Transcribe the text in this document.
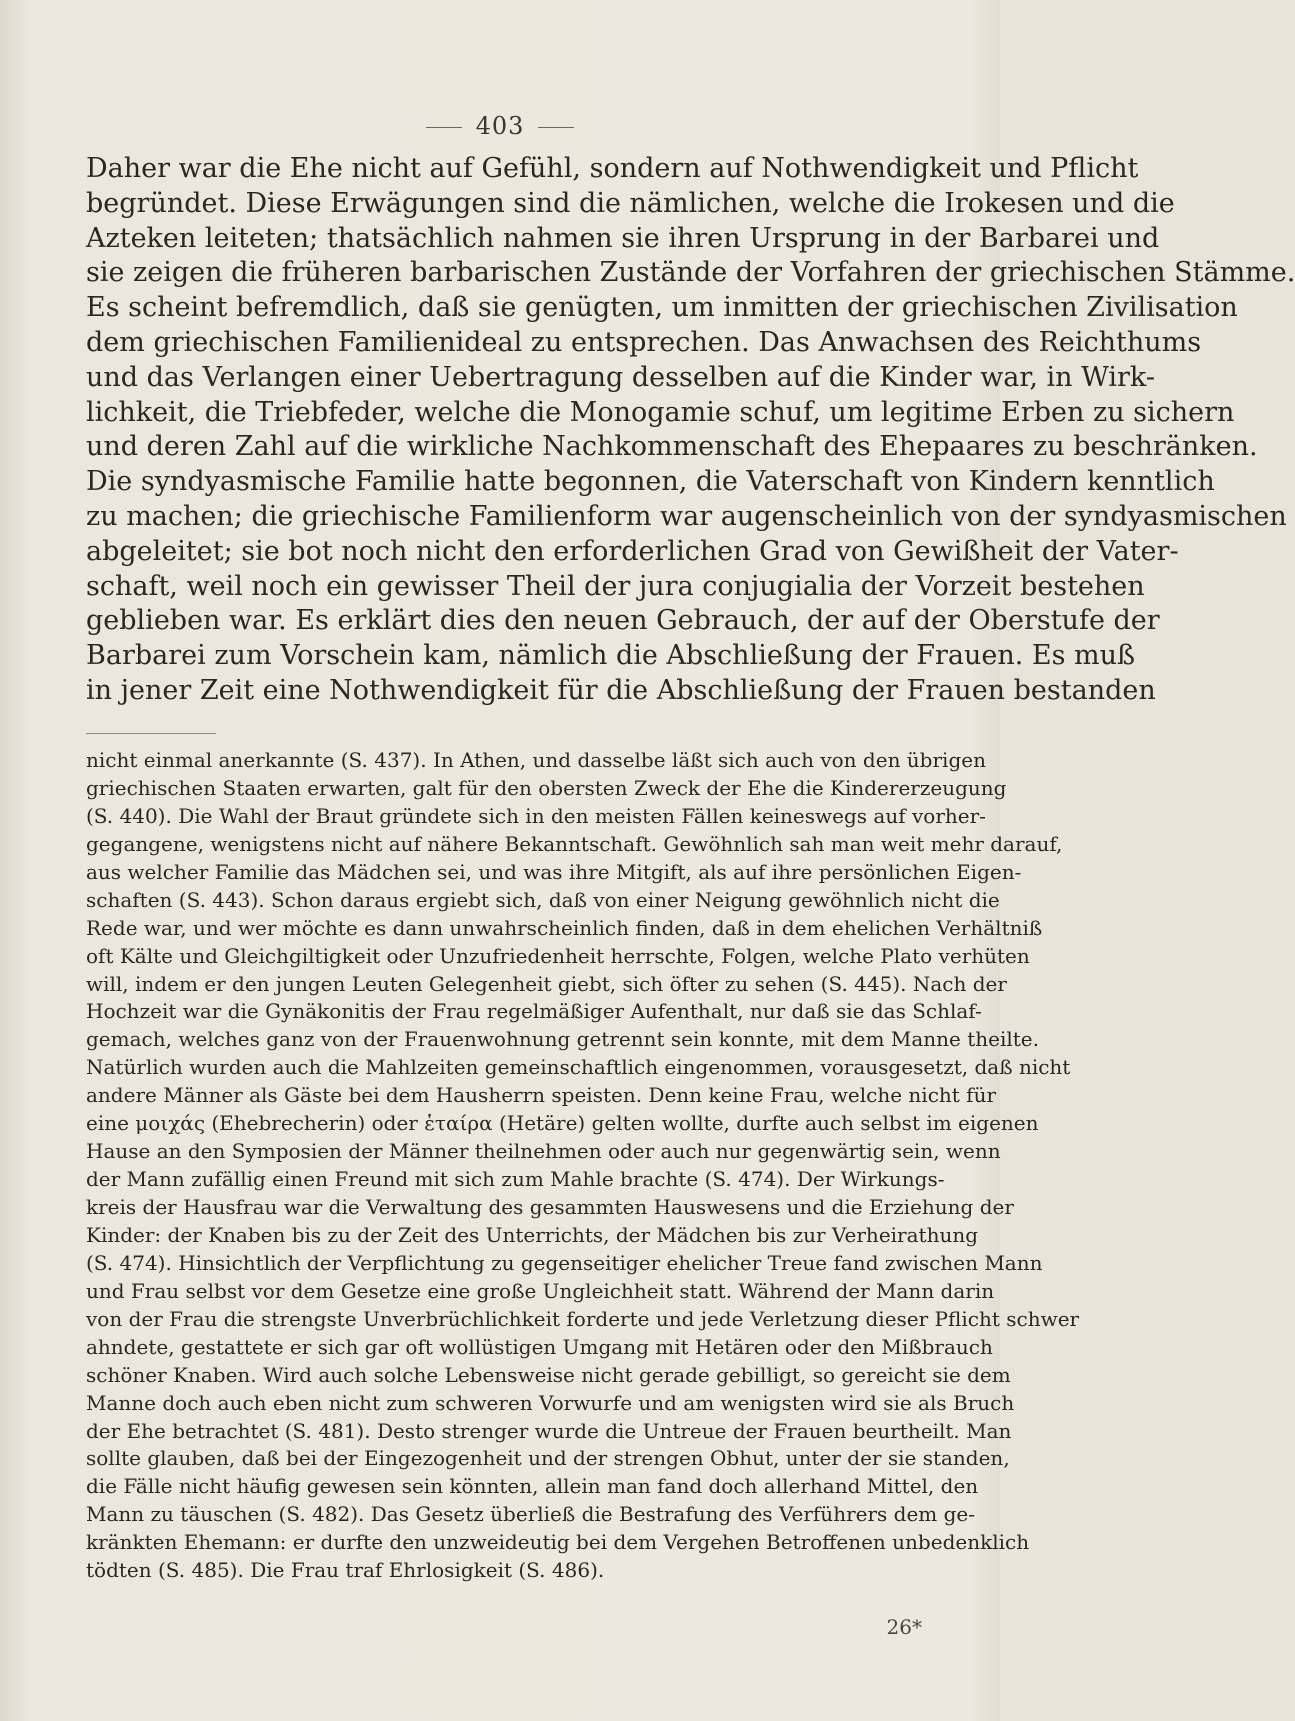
403
Daher war die Ehe nicht auf Gefühl, sondern auf Nothwendigkeit und Pflicht
begründet. Diese Erwägungen sind die nämlichen, welche die Irokesen und die
Azteken leiteten; thatsächlich nahmen sie ihren Ursprung in der Barbarei und
sie zeigen die früheren barbarischen Zustände der Vorfahren der griechischen Stämme.
Es scheint befremdlich, daß sie genügten, um inmitten der griechischen Zivilisation
dem griechischen Familienideal zu entsprechen. Das Anwachsen des Reichthums
und das Verlangen einer Uebertragung desselben auf die Kinder war, in Wirk-
lichkeit, die Triebfeder, welche die Monogamie schuf, um legitime Erben zu sichern
und deren Zahl auf die wirkliche Nachkommenschaft des Ehepaares zu beschränken.
Die syndyasmische Familie hatte begonnen, die Vaterschaft von Kindern kenntlich
zu machen; die griechische Familienform war augenscheinlich von der syndyasmischen
abgeleitet; sie bot noch nicht den erforderlichen Grad von Gewißheit der Vater-
schaft, weil noch ein gewisser Theil der jura conjugialia der Vorzeit bestehen
geblieben war. Es erklärt dies den neuen Gebrauch, der auf der Oberstufe der
Barbarei zum Vorschein kam, nämlich die Abschließung der Frauen. Es muß
in jener Zeit eine Nothwendigkeit für die Abschließung der Frauen bestanden
nicht einmal anerkannte (S. 437). In Athen, und dasselbe läßt sich auch von den übrigen
griechischen Staaten erwarten, galt für den obersten Zweck der Ehe die Kindererzeugung
(S. 440). Die Wahl der Braut gründete sich in den meisten Fällen keineswegs auf vorher-
gegangene, wenigstens nicht auf nähere Bekanntschaft. Gewöhnlich sah man weit mehr darauf,
aus welcher Familie das Mädchen sei, und was ihre Mitgift, als auf ihre persönlichen Eigen-
schaften (S. 443). Schon daraus ergiebt sich, daß von einer Neigung gewöhnlich nicht die
Rede war, und wer möchte es dann unwahrscheinlich finden, daß in dem ehelichen Verhältniß
oft Kälte und Gleichgiltigkeit oder Unzufriedenheit herrschte, Folgen, welche Plato verhüten
will, indem er den jungen Leuten Gelegenheit giebt, sich öfter zu sehen (S. 445). Nach der
Hochzeit war die Gynäkonitis der Frau regelmäßiger Aufenthalt, nur daß sie das Schlaf-
gemach, welches ganz von der Frauenwohnung getrennt sein konnte, mit dem Manne theilte.
Natürlich wurden auch die Mahlzeiten gemeinschaftlich eingenommen, vorausgesetzt, daß nicht
andere Männer als Gäste bei dem Hausherrn speisten. Denn keine Frau, welche nicht für
eine μοιχάς (Ehebrecherin) oder ἑταίρα (Hetäre) gelten wollte, durfte auch selbst im eigenen
Hause an den Symposien der Männer theilnehmen oder auch nur gegenwärtig sein, wenn
der Mann zufällig einen Freund mit sich zum Mahle brachte (S. 474). Der Wirkungs-
kreis der Hausfrau war die Verwaltung des gesammten Hauswesens und die Erziehung der
Kinder: der Knaben bis zu der Zeit des Unterrichts, der Mädchen bis zur Verheirathung
(S. 474). Hinsichtlich der Verpflichtung zu gegenseitiger ehelicher Treue fand zwischen Mann
und Frau selbst vor dem Gesetze eine große Ungleichheit statt. Während der Mann darin
von der Frau die strengste Unverbrüchlichkeit forderte und jede Verletzung dieser Pflicht schwer
ahndete, gestattete er sich gar oft wollüstigen Umgang mit Hetären oder den Mißbrauch
schöner Knaben. Wird auch solche Lebensweise nicht gerade gebilligt, so gereicht sie dem
Manne doch auch eben nicht zum schweren Vorwurfe und am wenigsten wird sie als Bruch
der Ehe betrachtet (S. 481). Desto strenger wurde die Untreue der Frauen beurtheilt. Man
sollte glauben, daß bei der Eingezogenheit und der strengen Obhut, unter der sie standen,
die Fälle nicht häufig gewesen sein könnten, allein man fand doch allerhand Mittel, den
Mann zu täuschen (S. 482). Das Gesetz überließ die Bestrafung des Verführers dem ge-
kränkten Ehemann: er durfte den unzweideutig bei dem Vergehen Betroffenen unbedenklich
tödten (S. 485). Die Frau traf Ehrlosigkeit (S. 486).
26*
